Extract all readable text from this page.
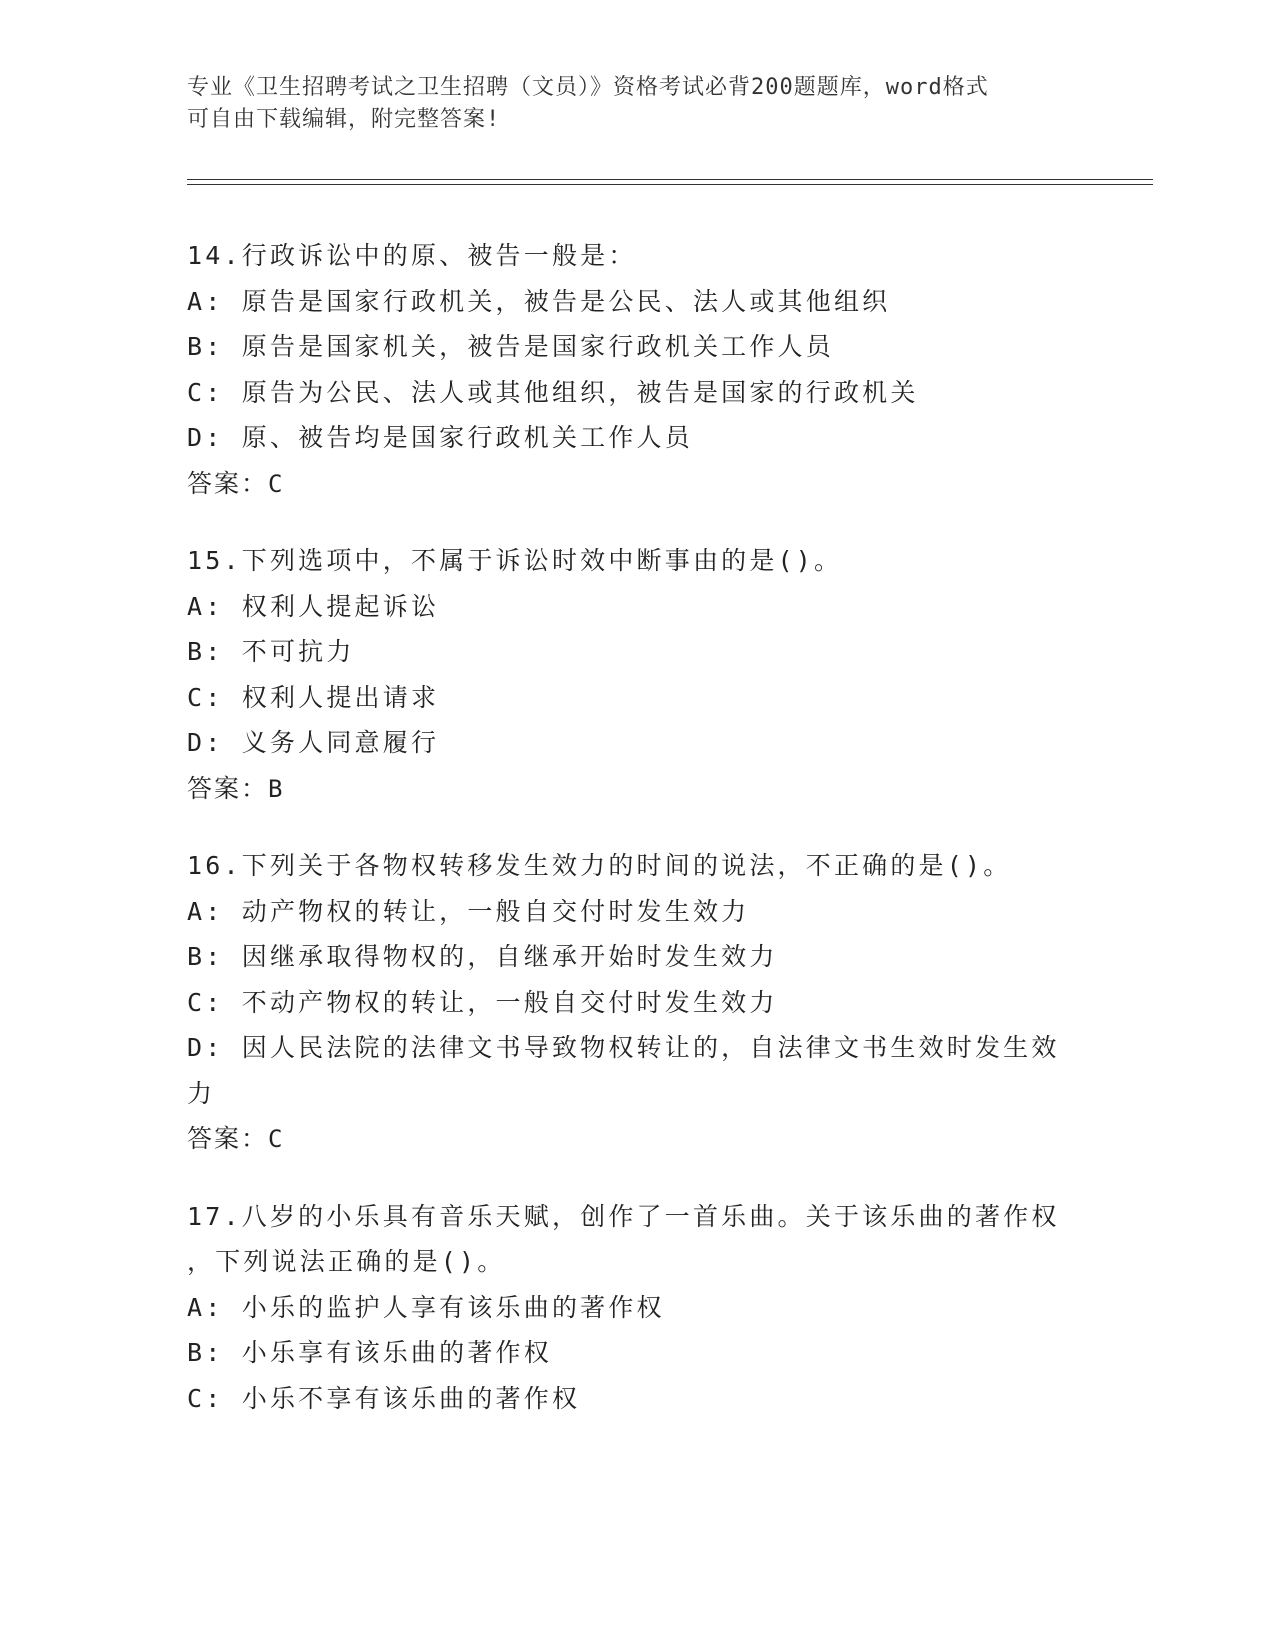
专业《卫生招聘考试之卫生招聘（文员）》资格考试必背200题题库，word格式
可自由下载编辑，附完整答案!
14.行政诉讼中的原、被告一般是：
A: 原告是国家行政机关，被告是公民、法人或其他组织
B: 原告是国家机关，被告是国家行政机关工作人员
C: 原告为公民、法人或其他组织，被告是国家的行政机关
D: 原、被告均是国家行政机关工作人员
答案：C
15.下列选项中，不属于诉讼时效中断事由的是()。
A: 权利人提起诉讼
B: 不可抗力
C: 权利人提出请求
D: 义务人同意履行
答案：B
16.下列关于各物权转移发生效力的时间的说法，不正确的是()。
A: 动产物权的转让，一般自交付时发生效力
B: 因继承取得物权的，自继承开始时发生效力
C: 不动产物权的转让，一般自交付时发生效力
D: 因人民法院的法律文书导致物权转让的，自法律文书生效时发生效
力
答案：C
17.八岁的小乐具有音乐天赋，创作了一首乐曲。关于该乐曲的著作权
，下列说法正确的是()。
A: 小乐的监护人享有该乐曲的著作权
B: 小乐享有该乐曲的著作权
C: 小乐不享有该乐曲的著作权
